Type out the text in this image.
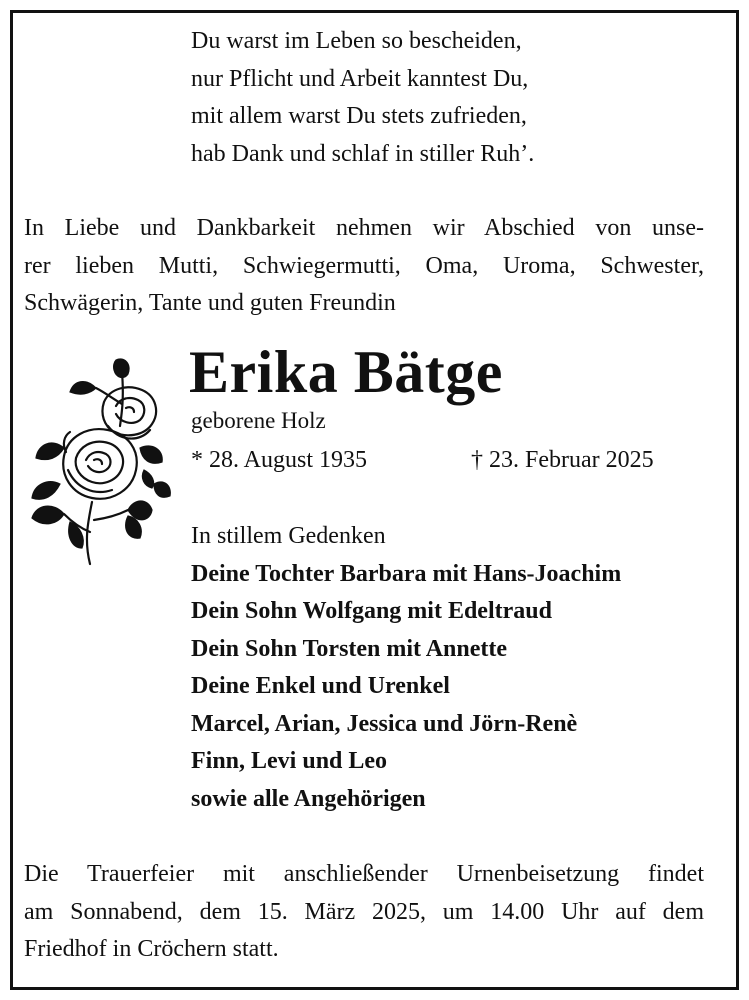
Du warst im Leben so bescheiden,
nur Pflicht und Arbeit kanntest Du,
mit allem warst Du stets zufrieden,
hab Dank und schlaf in stiller Ruh’.
In Liebe und Dankbarkeit nehmen wir Abschied von unse-
rer lieben Mutti, Schwiegermutti, Oma, Uroma, Schwester,
Schwägerin, Tante und guten Freundin
Erika Bätge
geborene Holz
* 28. August 1935	† 23. Februar 2025
In stillem Gedenken
Deine Tochter Barbara mit Hans-Joachim
Dein Sohn Wolfgang mit Edeltraud
Dein Sohn Torsten mit Annette
Deine Enkel und Urenkel
Marcel, Arian, Jessica und Jörn-Renè
Finn, Levi und Leo
sowie alle Angehörigen
Die Trauerfeier mit anschließender Urnenbeisetzung findet
am Sonnabend, dem 15. März 2025, um 14.00 Uhr auf dem
Friedhof in Cröchern statt.
